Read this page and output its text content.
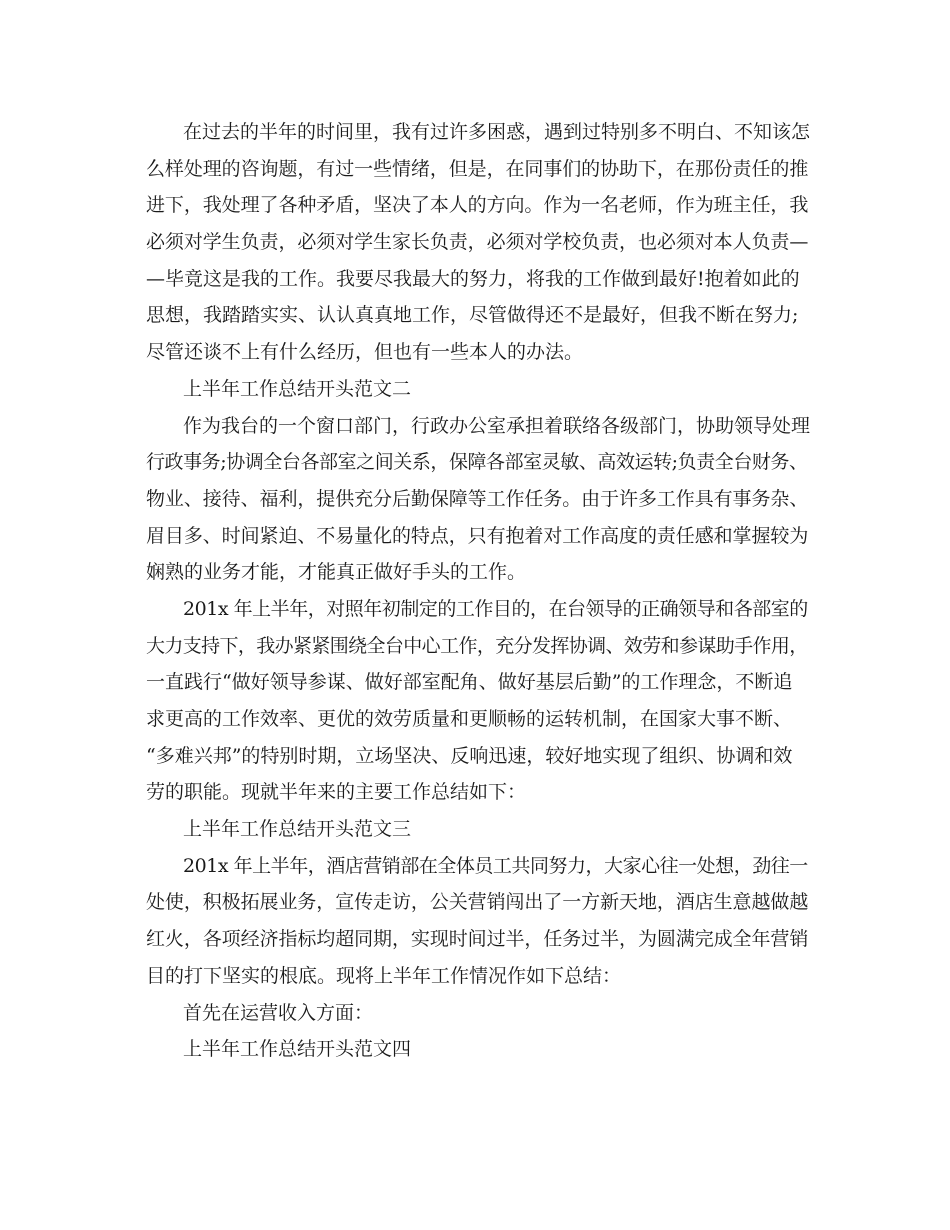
在过去的半年的时间里，我有过许多困惑，遇到过特别多不明白、不知该怎
么样处理的咨询题，有过一些情绪，但是，在同事们的协助下，在那份责任的推
进下，我处理了各种矛盾，坚决了本人的方向。作为一名老师，作为班主任，我
必须对学生负责，必须对学生家长负责，必须对学校负责，也必须对本人负责—
—毕竟这是我的工作。我要尽我最大的努力，将我的工作做到最好!抱着如此的
思想，我踏踏实实、认认真真地工作，尽管做得还不是最好，但我不断在努力;
尽管还谈不上有什么经历，但也有一些本人的办法。
上半年工作总结开头范文二
作为我台的一个窗口部门，行政办公室承担着联络各级部门，协助领导处理
行政事务;协调全台各部室之间关系，保障各部室灵敏、高效运转;负责全台财务、
物业、接待、福利，提供充分后勤保障等工作任务。由于许多工作具有事务杂、
眉目多、时间紧迫、不易量化的特点，只有抱着对工作高度的责任感和掌握较为
娴熟的业务才能，才能真正做好手头的工作。
201x 年上半年，对照年初制定的工作目的，在台领导的正确领导和各部室的
大力支持下，我办紧紧围绕全台中心工作，充分发挥协调、效劳和参谋助手作用，
一直践行“做好领导参谋、做好部室配角、做好基层后勤”的工作理念，不断追
求更高的工作效率、更优的效劳质量和更顺畅的运转机制，在国家大事不断、
“多难兴邦”的特别时期，立场坚决、反响迅速，较好地实现了组织、协调和效
劳的职能。现就半年来的主要工作总结如下：
上半年工作总结开头范文三
201x 年上半年，酒店营销部在全体员工共同努力，大家心往一处想，劲往一
处使，积极拓展业务，宣传走访，公关营销闯出了一方新天地，酒店生意越做越
红火，各项经济指标均超同期，实现时间过半，任务过半，为圆满完成全年营销
目的打下坚实的根底。现将上半年工作情况作如下总结：
首先在运营收入方面：
上半年工作总结开头范文四
